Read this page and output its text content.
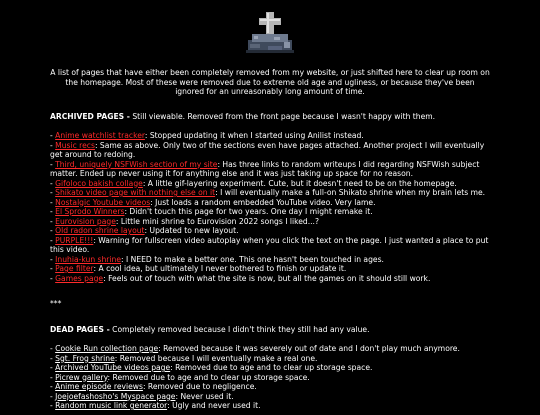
A list of pages that have either been completely removed from my website, or just shifted here to clear up room on the homepage. Most of these were removed due to extreme old age and ugliness, or because they've been ignored for an unreasonably long amount of time.

ARCHIVED PAGES - Still viewable. Removed from the front page because I wasn't happy with them.
- Anime watchlist tracker: Stopped updating it when I started using Anilist instead.
- Music recs: Same as above. Only two of the sections even have pages attached. Another project I will eventually get around to redoing.
- Third, uniquely NSFWish section of my site: Has three links to random writeups I did regarding NSFWish subject matter. Ended up never using it for anything else and it was just taking up space for no reason.
- Gifoloco bakish collage: A little gif-layering experiment. Cute, but it doesn't need to be on the homepage.
- Shikato video page with nothing else on it: I will eventually make a full-on Shikato shrine when my brain lets me.
- Nostalgic Youtube videos: Just loads a random embedded YouTube video. Very lame.
- El Sprodo Winners: Didn't touch this page for two years. One day I might remake it.
- Eurovision page: Little mini shrine to Eurovision 2022 songs I liked...?
- Old radon shrine layout: Updated to new layout.
- PURPLE!!!: Warning for fullscreen video autoplay when you click the text on the page. I just wanted a place to put this video.
- Inuhia-kun shrine: I NEED to make a better one. This one hasn't been touched in ages.
- Page filter: A cool idea, but ultimately I never bothered to finish or update it.
- Games page: Feels out of touch with what the site is now, but all the games on it should still work.
***
DEAD PAGES - Completely removed because I didn't think they still had any value.
- Cookie Run collection page: Removed because it was severely out of date and I don't play much anymore.
- Sgt. Frog shrine: Removed because I will eventually make a real one.
- Archived YouTube videos page: Removed due to age and to clear up storage space.
- Picrew gallery: Removed due to age and to clear up storage space.
- Anime episode reviews: Removed due to negligence.
- Joejoefashosho's Myspace page: Never used it.
- Random music link generator: Ugly and never used it.
